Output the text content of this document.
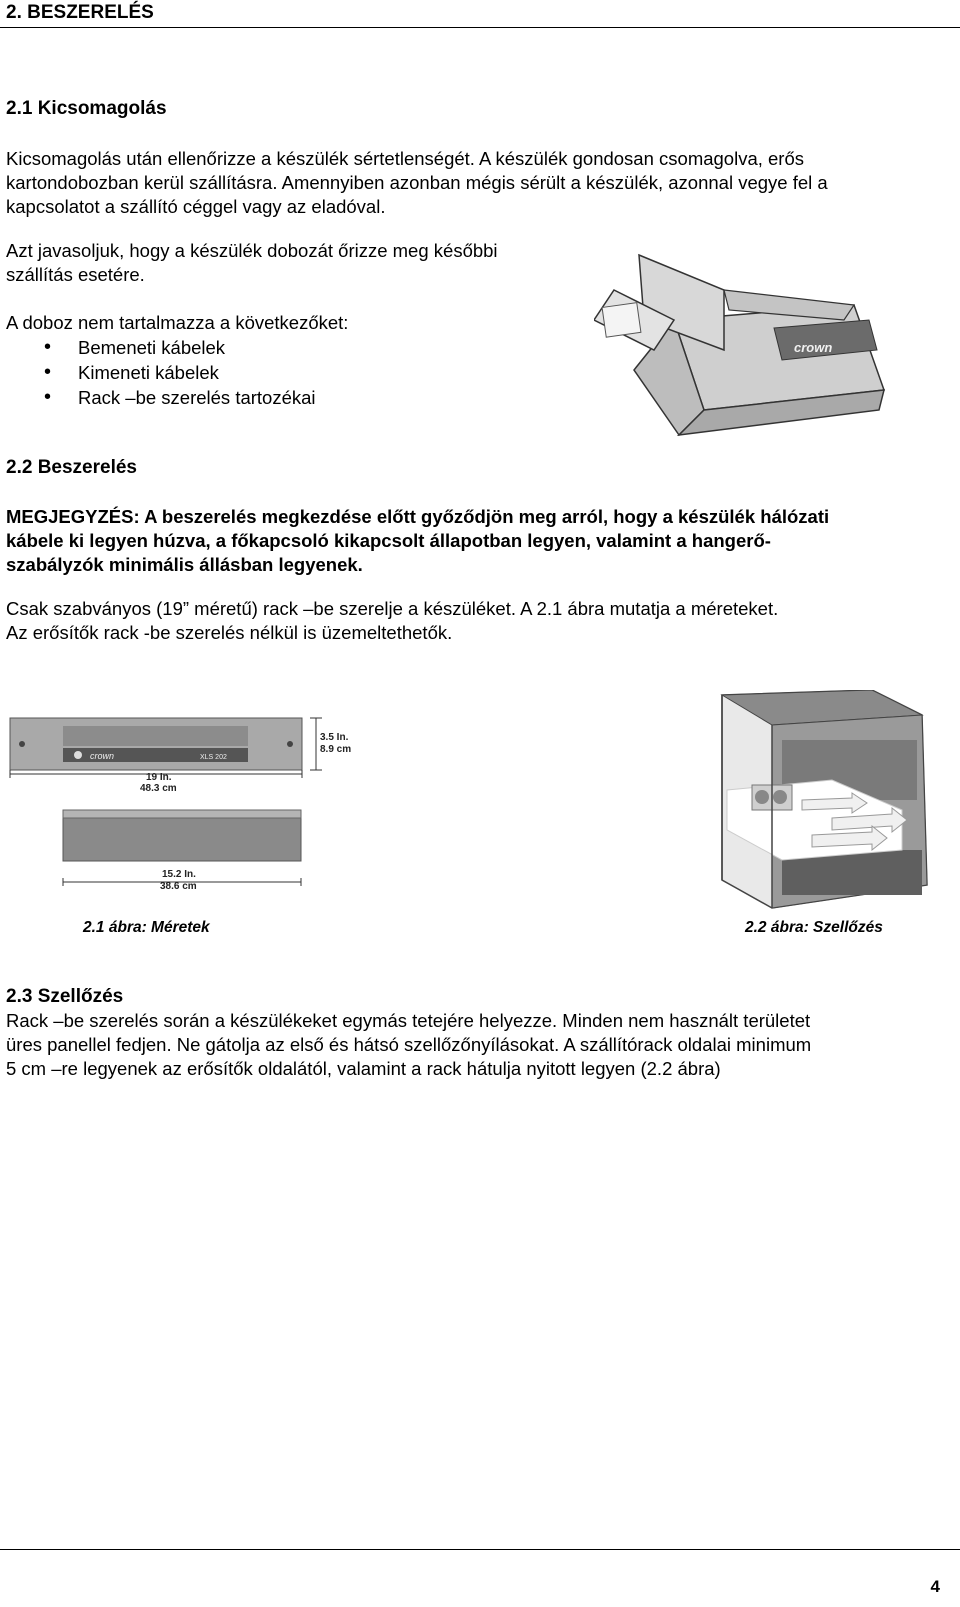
2. BESZERELÉS
2.1 Kicsomagolás
Kicsomagolás után ellenőrizze a készülék sértetlenségét. A készülék gondosan csomagolva, erős
kartondobozban kerül szállításra. Amennyiben azonban mégis sérült a készülék, azonnal vegye fel a
kapcsolatot a szállító céggel vagy az eladóval.
Azt javasoljuk, hogy a készülék dobozát őrizze meg későbbi
szállítás esetére.
A doboz nem tartalmazza a következőket:
• Bemeneti kábelek
• Kimeneti kábelek
• Rack –be szerelés tartozékai
crown
2.2 Beszerelés
MEGJEGYZÉS: A beszerelés megkezdése előtt győződjön meg arról, hogy a készülék hálózati
kábele ki legyen húzva, a főkapcsoló kikapcsolt állapotban legyen, valamint a hangerő-
szabályzók minimális állásban legyenek.
Csak szabványos (19” méretű) rack –be szerelje a készüléket. A 2.1 ábra mutatja a méreteket.
Az erősítők rack -be szerelés nélkül is üzemeltethetők.
crown	XLS 202
3.5 In.
8.9 cm
19 In.
48.3 cm
15.2 In.
38.6 cm
2.1 ábra: Méretek	2.2 ábra: Szellőzés
2.3 Szellőzés
Rack –be szerelés során a készülékeket egymás tetejére helyezze. Minden nem használt területet
üres panellel fedjen. Ne gátolja az első és hátsó szellőzőnyílásokat. A szállítórack oldalai minimum
5 cm –re legyenek az erősítők oldalától, valamint a rack hátulja nyitott legyen (2.2 ábra)
4
